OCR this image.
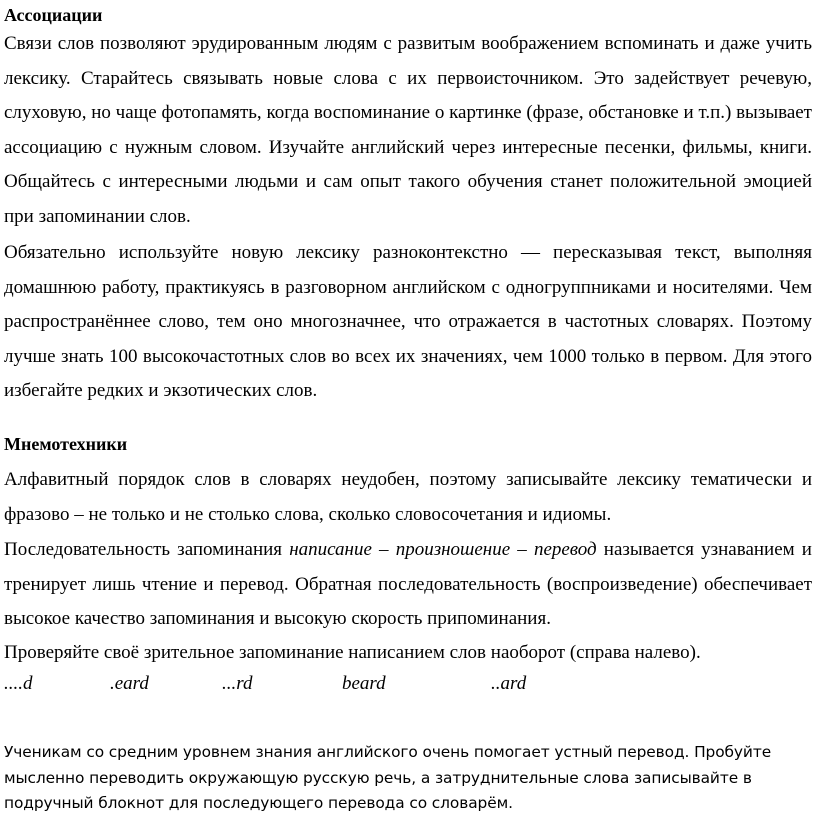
Ассоциации

Связи слов позволяют эрудированным людям с развитым воображением вспоминать и даже учить лексику. Старайтесь связывать новые слова с их первоисточником. Это задействует речевую, слуховую, но чаще фотопамять, когда воспоминание о картинке (фразе, обстановке и т.п.) вызывает ассоциацию с нужным словом. Изучайте английский через интересные песенки, фильмы, книги. Общайтесь с интересными людьми и сам опыт такого обучения станет положительной эмоцией при запоминании слов.

Обязательно используйте новую лексику разноконтекстно — пересказывая текст, выполняя домашнюю работу, практикуясь в разговорном английском с одногруппниками и носителями. Чем распространённее слово, тем оно многозначнее, что отражается в частотных словарях. Поэтому лучше знать 100 высокочастотных слов во всех их значениях, чем 1000 только в первом. Для этого избегайте редких и экзотических слов.

Мнемотехники

Алфавитный порядок слов в словарях неудобен, поэтому записывайте лексику тематически и фразово – не только и не столько слова, сколько словосочетания и идиомы.

Последовательность запоминания написание – произношение – перевод называется узнаванием и тренирует лишь чтение и перевод. Обратная последовательность (воспроизведение) обеспечивает высокое качество запоминания и высокую скорость припоминания.

Проверяйте своё зрительное запоминание написанием слов наоборот (справа налево).

....d	.eard	...rd	beard	..ard

Ученикам со средним уровнем знания английского очень помогает устный перевод. Пробуйте мысленно переводить окружающую русскую речь, а затруднительные слова записывайте в подручный блокнот для последующего перевода со словарём.
